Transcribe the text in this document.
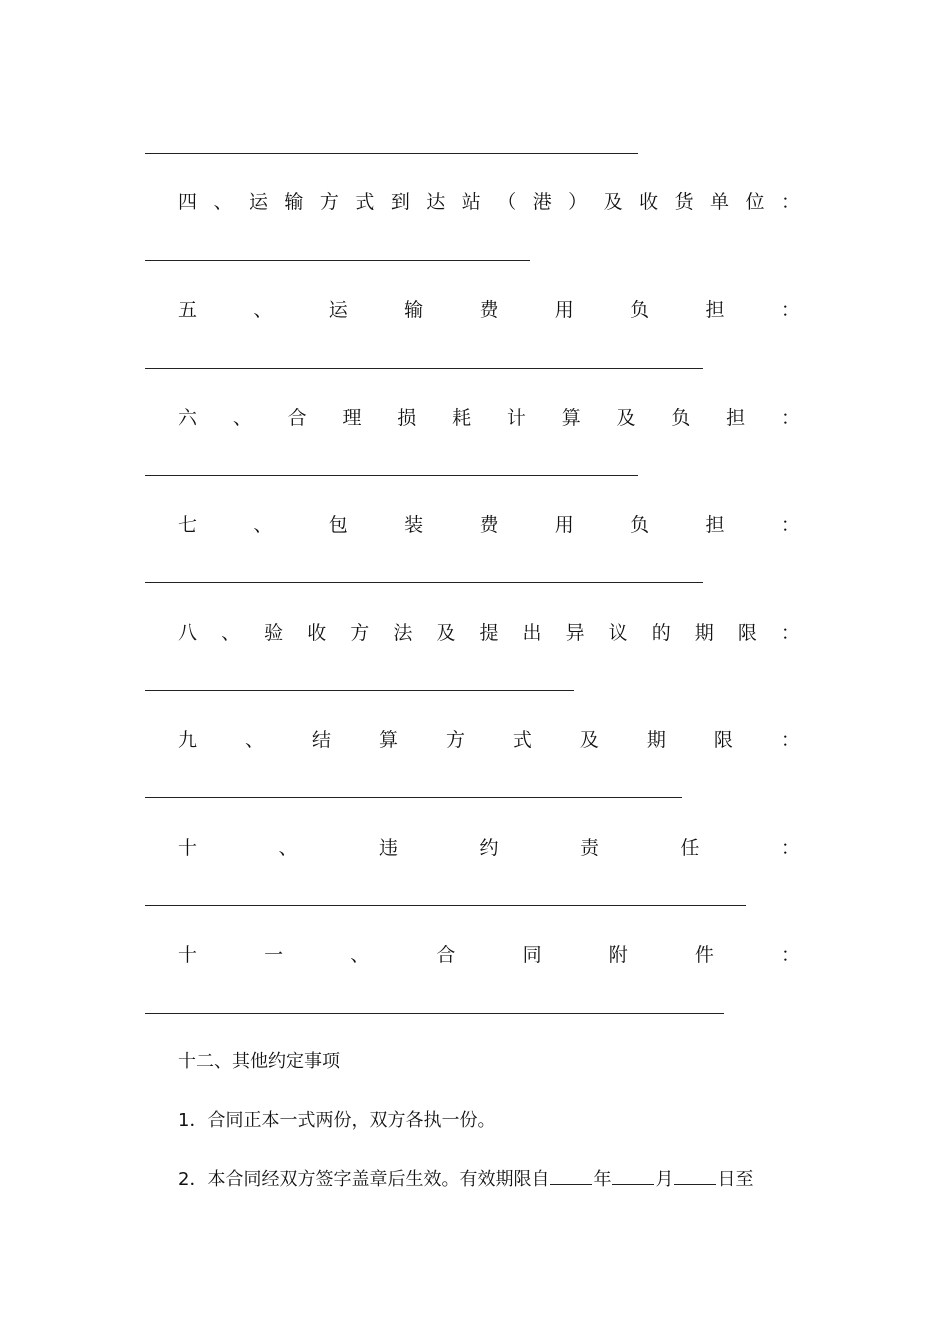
四 、 运 输 方 式 到 达 站 （ 港 ） 及 收 货 单 位 ：
五	、	运	输	费	用	负	担	：
六 、 合 理 损 耗 计 算 及 负 担 ：
七	、	包	装	费	用	负	担	：
八 、 验 收 方 法 及 提 出 异 议 的 期 限 ：
九	、	结	算	方	式	及	期	限	：
十	、	违	约	责	任	：
十	一	、	合	同	附	件	：
十二、其他约定事项
1．合同正本一式两份，双方各执一份。
2．本合同经双方签字盖章后生效。有效期限自 年 月 日至
